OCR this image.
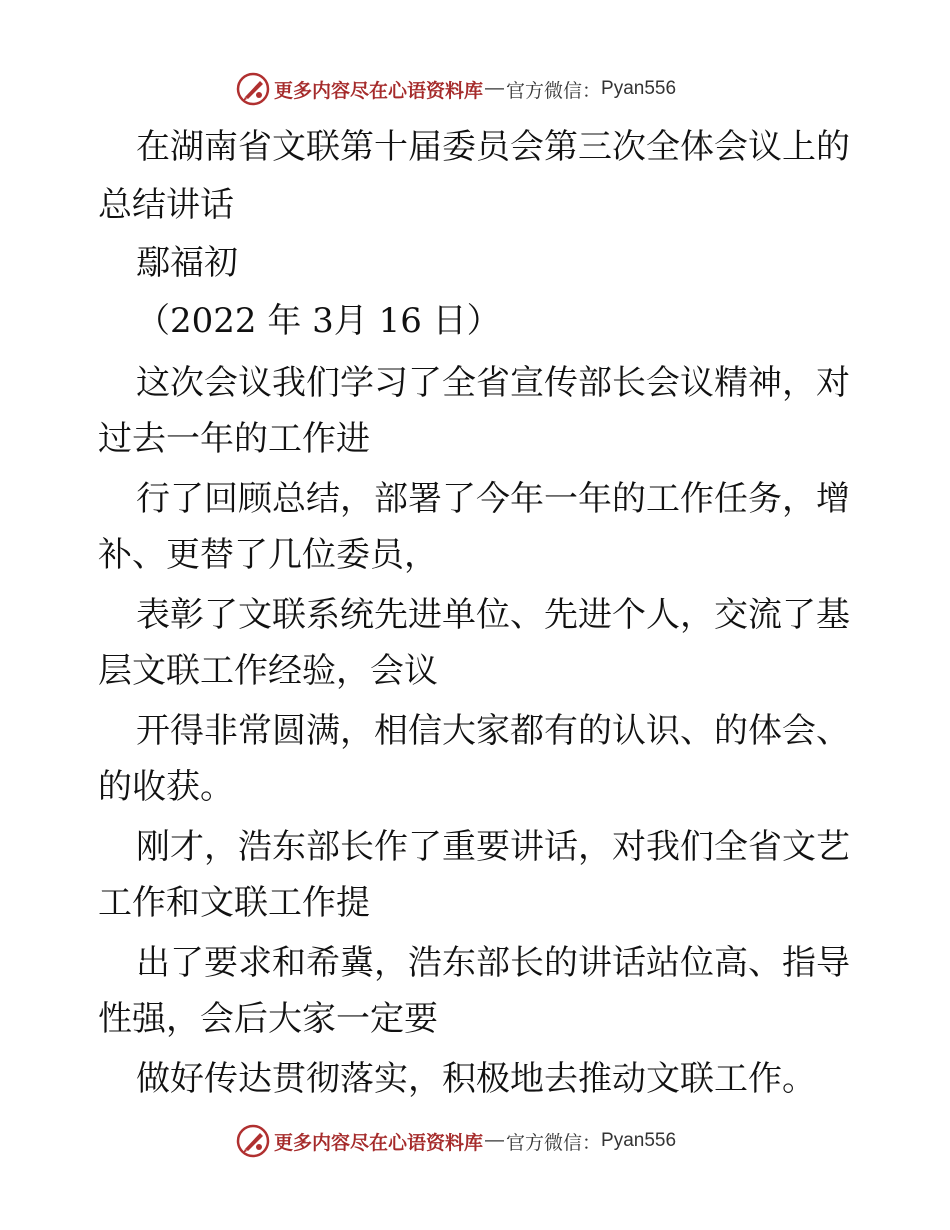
更多内容尽在心语资料库 — 官方微信： Pyan556
在湖南省文联第十届委员会第三次全体会议上的
总结讲话
鄢福初
（2022 年 3月 16 日）
这次会议我们学习了全省宣传部长会议精神，对
过去一年的工作进
行了回顾总结，部署了今年一年的工作任务，增
补、更替了几位委员，
表彰了文联系统先进单位、先进个人，交流了基
层文联工作经验，会议
开得非常圆满，相信大家都有的认识、的体会、
的收获。
刚才，浩东部长作了重要讲话，对我们全省文艺
工作和文联工作提
出了要求和希冀，浩东部长的讲话站位高、指导
性强，会后大家一定要
做好传达贯彻落实，积极地去推动文联工作。
更多内容尽在心语资料库 — 官方微信： Pyan556
